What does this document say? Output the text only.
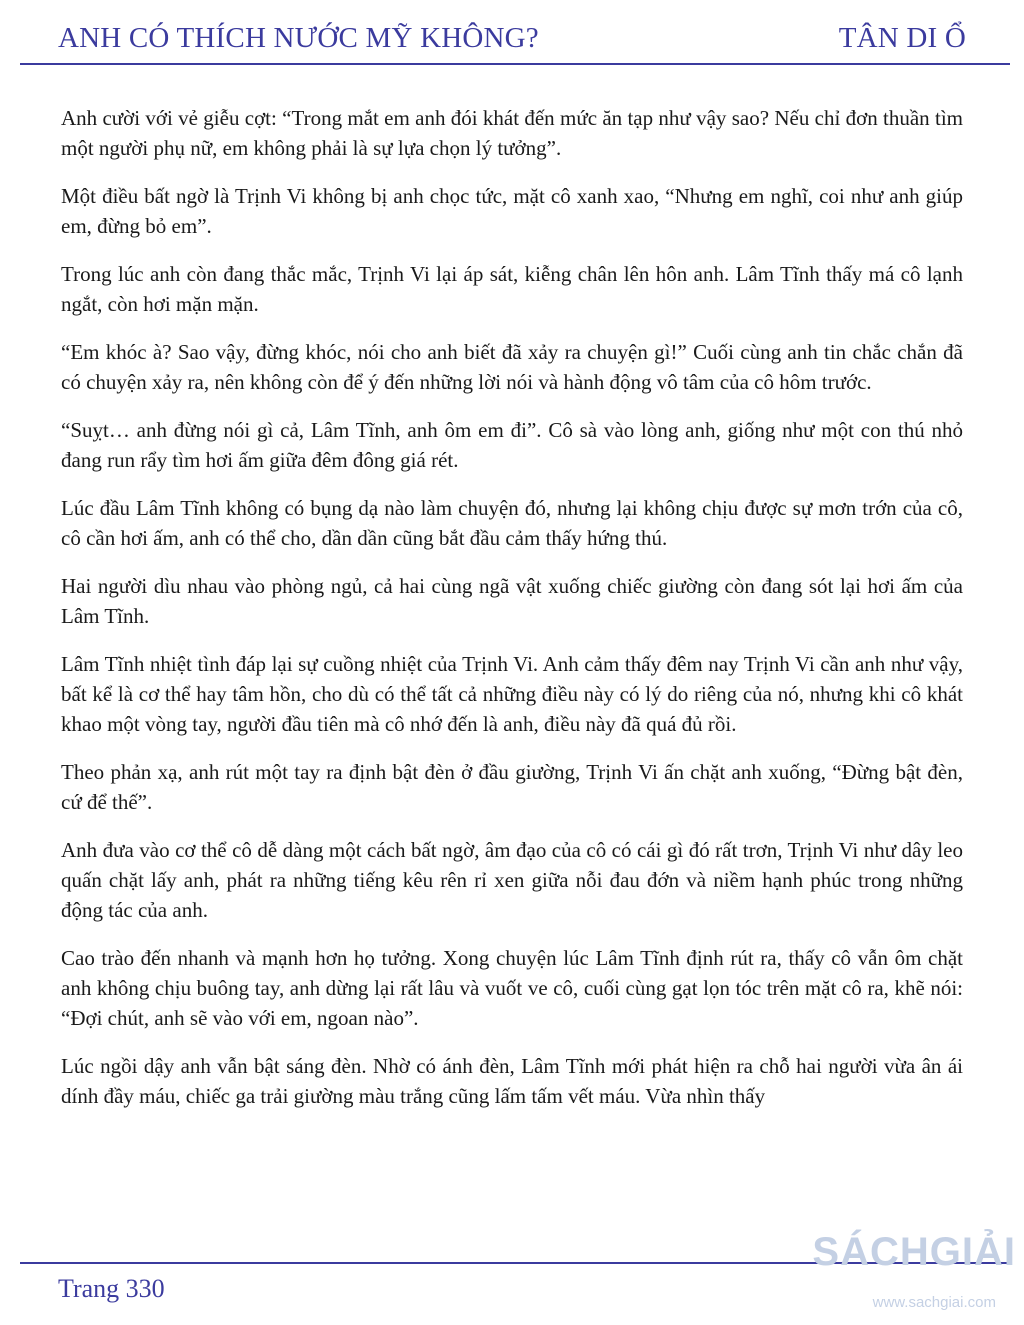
ANH CÓ THÍCH NƯỚC MỸ KHÔNG?	TÂN DI Ổ

Anh cười với vẻ giễu cợt: “Trong mắt em anh đói khát đến mức ăn tạp như vậy sao? Nếu chỉ đơn thuần tìm một người phụ nữ, em không phải là sự lựa chọn lý tưởng”.

Một điều bất ngờ là Trịnh Vi không bị anh chọc tức, mặt cô xanh xao, “Nhưng em nghĩ, coi như anh giúp em, đừng bỏ em”.

Trong lúc anh còn đang thắc mắc, Trịnh Vi lại áp sát, kiễng chân lên hôn anh. Lâm Tĩnh thấy má cô lạnh ngắt, còn hơi mặn mặn.

“Em khóc à? Sao vậy, đừng khóc, nói cho anh biết đã xảy ra chuyện gì!” Cuối cùng anh tin chắc chắn đã có chuyện xảy ra, nên không còn để ý đến những lời nói và hành động vô tâm của cô hôm trước.

“Suỵt… anh đừng nói gì cả, Lâm Tĩnh, anh ôm em đi”. Cô sà vào lòng anh, giống như một con thú nhỏ đang run rẩy tìm hơi ấm giữa đêm đông giá rét.

Lúc đầu Lâm Tĩnh không có bụng dạ nào làm chuyện đó, nhưng lại không chịu được sự mơn trớn của cô, cô cần hơi ấm, anh có thể cho, dần dần cũng bắt đầu cảm thấy hứng thú.

Hai người dìu nhau vào phòng ngủ, cả hai cùng ngã vật xuống chiếc giường còn đang sót lại hơi ấm của Lâm Tĩnh.

Lâm Tĩnh nhiệt tình đáp lại sự cuồng nhiệt của Trịnh Vi. Anh cảm thấy đêm nay Trịnh Vi cần anh như vậy, bất kể là cơ thể hay tâm hồn, cho dù có thể tất cả những điều này có lý do riêng của nó, nhưng khi cô khát khao một vòng tay, người đầu tiên mà cô nhớ đến là anh, điều này đã quá đủ rồi.

Theo phản xạ, anh rút một tay ra định bật đèn ở đầu giường, Trịnh Vi ấn chặt anh xuống, “Đừng bật đèn, cứ để thế”.

Anh đưa vào cơ thể cô dễ dàng một cách bất ngờ, âm đạo của cô có cái gì đó rất trơn, Trịnh Vi như dây leo quấn chặt lấy anh, phát ra những tiếng kêu rên rỉ xen giữa nỗi đau đớn và niềm hạnh phúc trong những động tác của anh.

Cao trào đến nhanh và mạnh hơn họ tưởng. Xong chuyện lúc Lâm Tĩnh định rút ra, thấy cô vẫn ôm chặt anh không chịu buông tay, anh dừng lại rất lâu và vuốt ve cô, cuối cùng gạt lọn tóc trên mặt cô ra, khẽ nói: “Đợi chút, anh sẽ vào với em, ngoan nào”.

Lúc ngồi dậy anh vẫn bật sáng đèn. Nhờ có ánh đèn, Lâm Tĩnh mới phát hiện ra chỗ hai người vừa ân ái dính đầy máu, chiếc ga trải giường màu trắng cũng lấm tấm vết máu. Vừa nhìn thấy

Trang 330
SÁCHGIẢI
www.sachgiai.com
